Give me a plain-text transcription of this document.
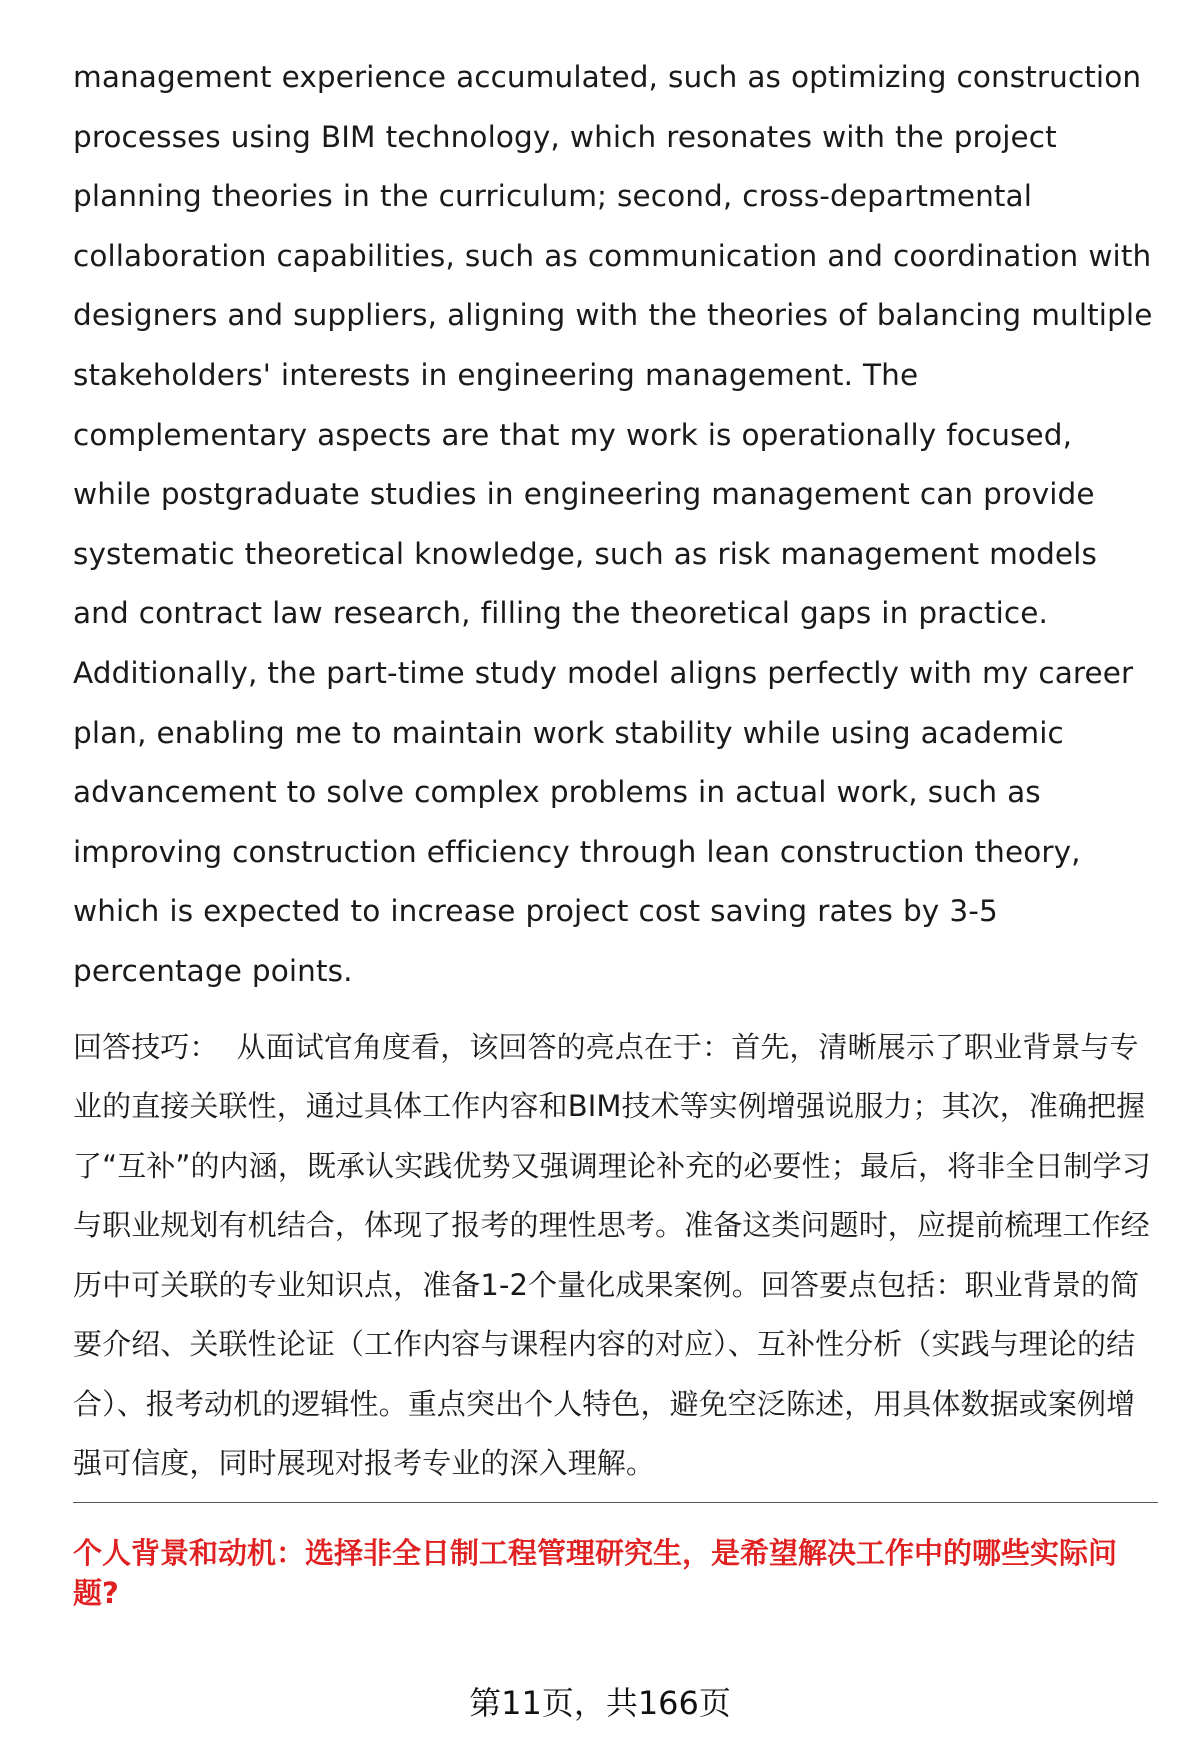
management experience accumulated, such as optimizing construction processes using BIM technology, which resonates with the project planning theories in the curriculum; second, cross-departmental collaboration capabilities, such as communication and coordination with designers and suppliers, aligning with the theories of balancing multiple stakeholders' interests in engineering management. The complementary aspects are that my work is operationally focused, while postgraduate studies in engineering management can provide systematic theoretical knowledge, such as risk management models and contract law research, filling the theoretical gaps in practice. Additionally, the part-time study model aligns perfectly with my career plan, enabling me to maintain work stability while using academic advancement to solve complex problems in actual work, such as improving construction efficiency through lean construction theory, which is expected to increase project cost saving rates by 3-5 percentage points.

回答技巧： 从面试官角度看，该回答的亮点在于：首先，清晰展示了职业背景与专业的直接关联性，通过具体工作内容和BIM技术等实例增强说服力；其次，准确把握了“互补”的内涵，既承认实践优势又强调理论补充的必要性；最后，将非全日制学习与职业规划有机结合，体现了报考的理性思考。准备这类问题时，应提前梳理工作经历中可关联的专业知识点，准备1-2个量化成果案例。回答要点包括：职业背景的简要介绍、关联性论证（工作内容与课程内容的对应）、互补性分析（实践与理论的结合）、报考动机的逻辑性。重点突出个人特色，避免空泛陈述，用具体数据或案例增强可信度，同时展现对报考专业的深入理解。

个人背景和动机：选择非全日制工程管理研究生，是希望解决工作中的哪些实际问题?

第11页，共166页
